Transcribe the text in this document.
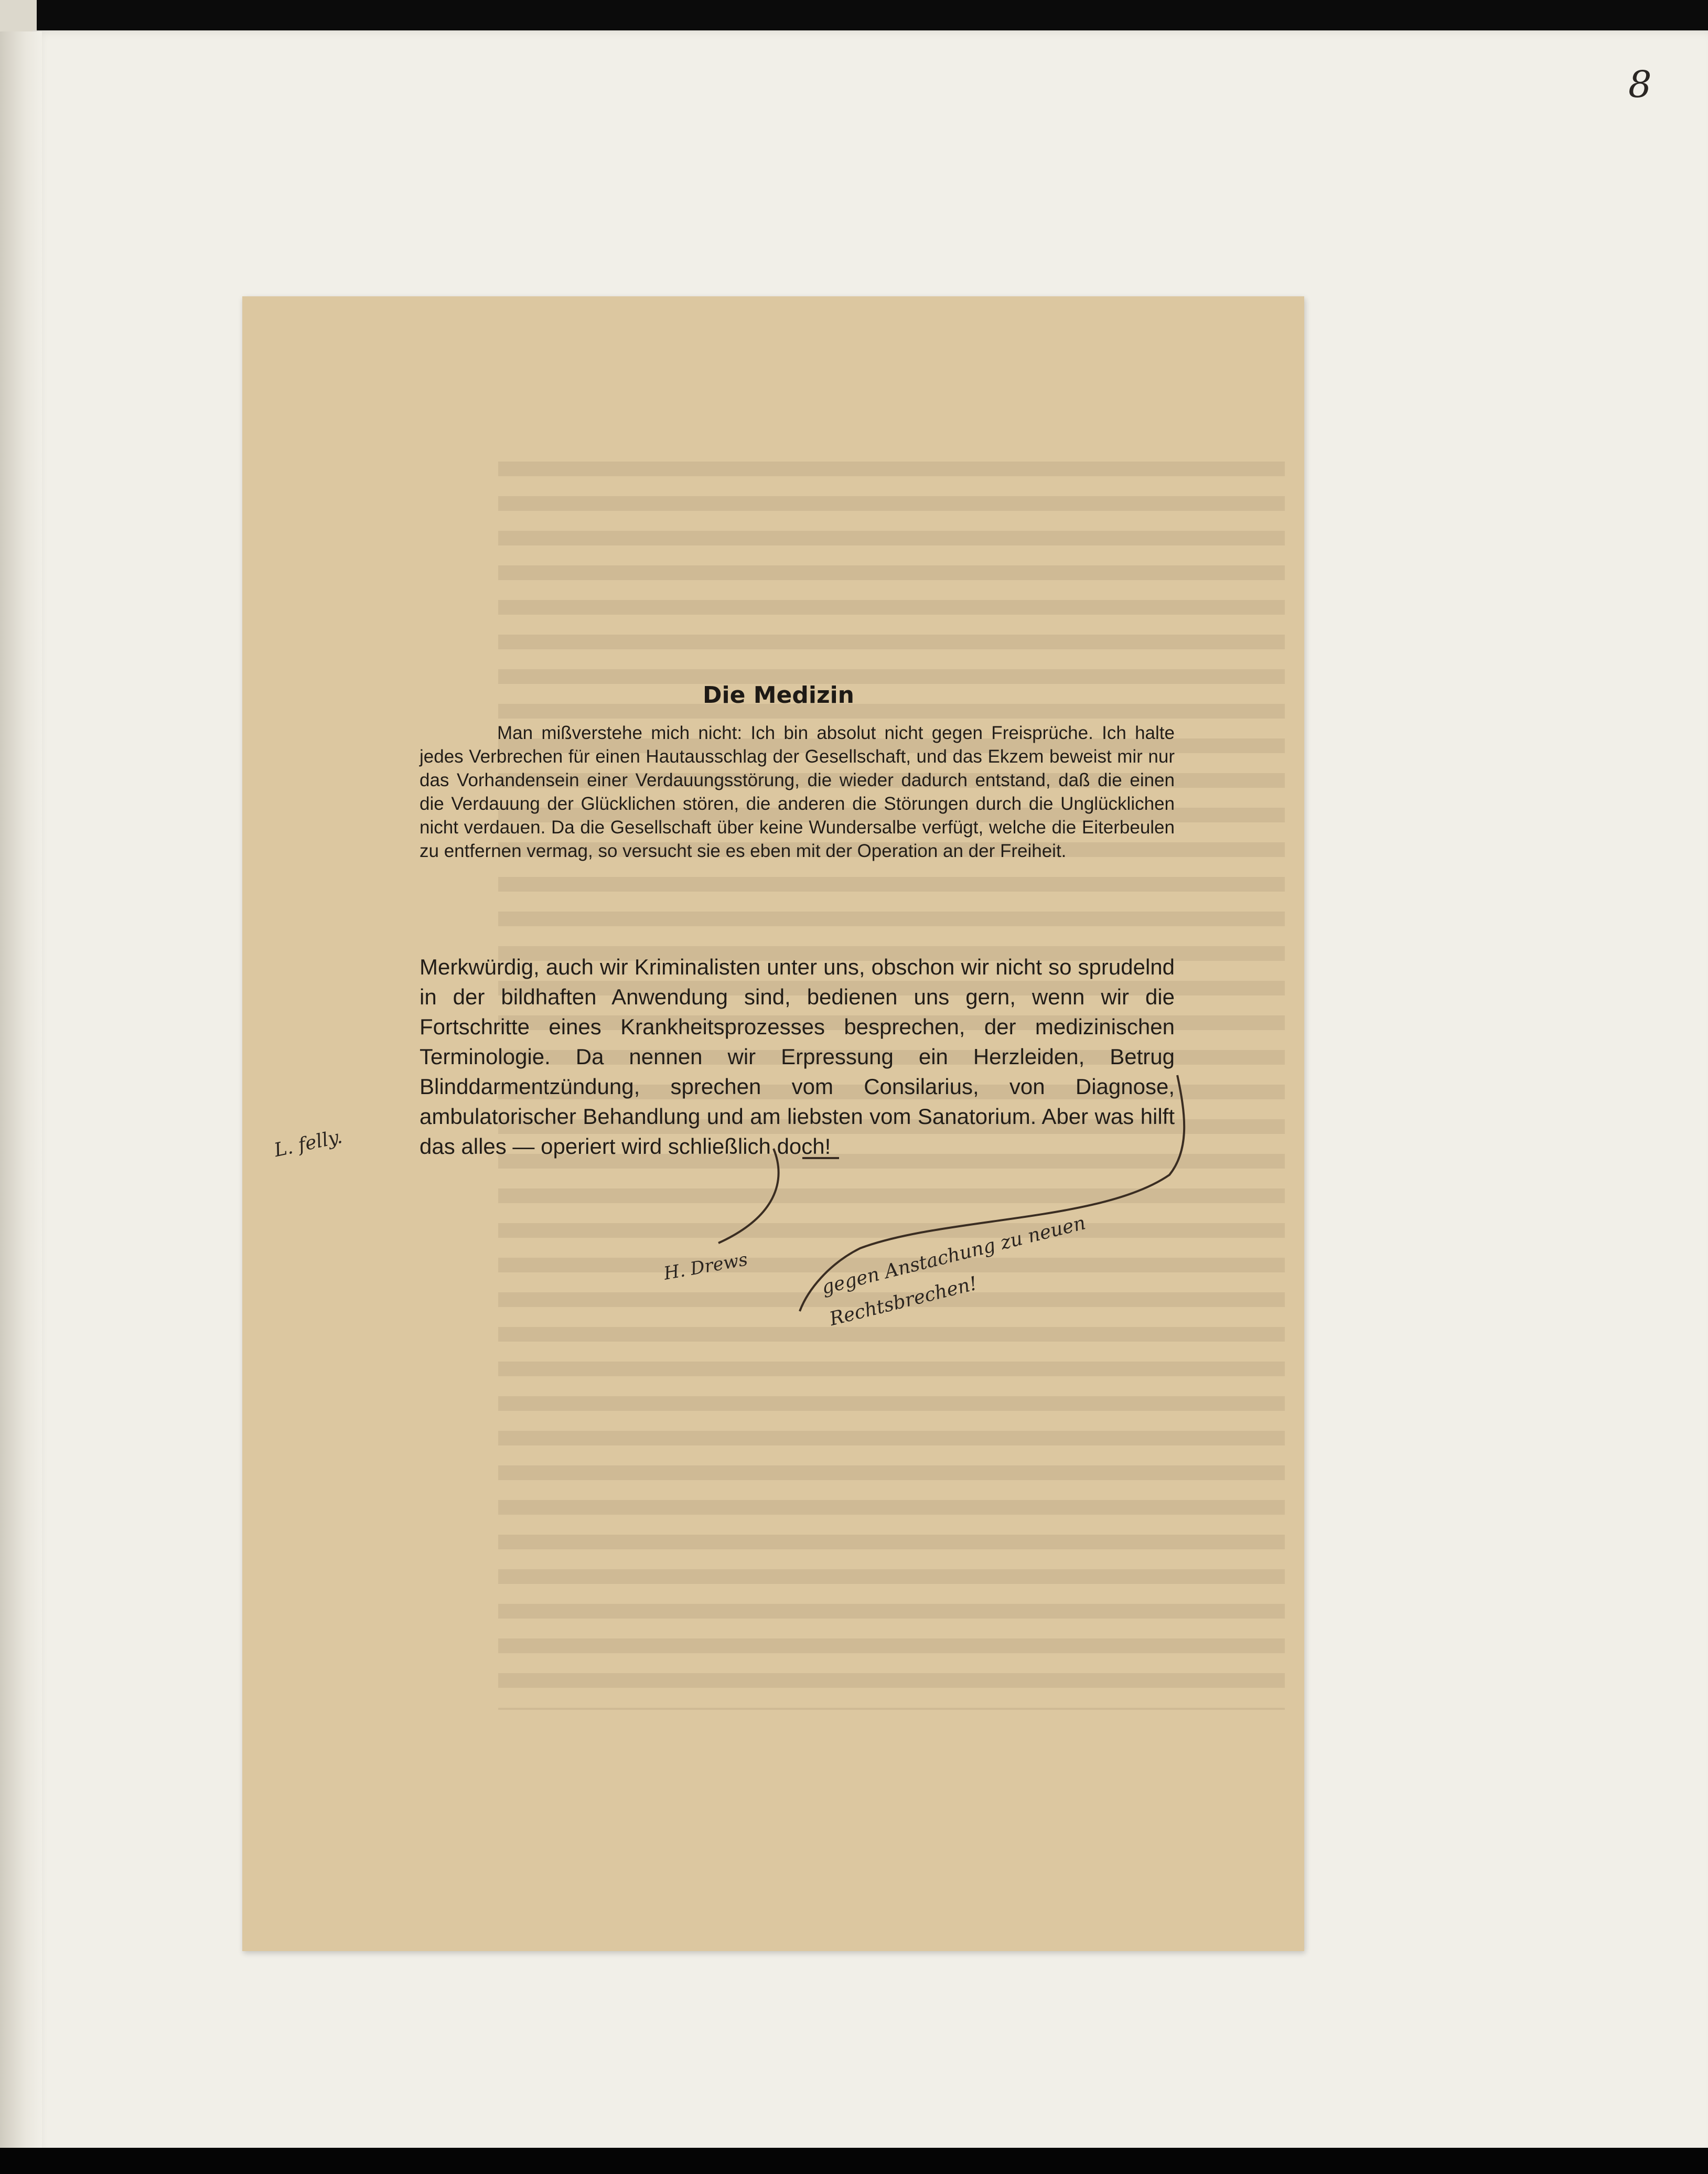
8
Die Medizin
Man mißverstehe mich nicht: Ich bin absolut nicht gegen Freisprüche. Ich halte jedes Verbrechen für einen Hautausschlag der Gesellschaft, und das Ekzem beweist mir nur das Vorhandensein einer Verdauungsstörung, die wieder dadurch entstand, daß die einen die Verdauung der Glücklichen stören, die anderen die Störungen durch die Unglücklichen nicht verdauen. Da die Gesellschaft über keine Wundersalbe verfügt, welche die Eiterbeulen zu entfernen vermag, so versucht sie es eben mit der Operation an der Freiheit.
Merkwürdig, auch wir Kriminalisten unter uns, obschon wir nicht so sprudelnd in der bildhaften Anwendung sind, bedienen uns gern, wenn wir die Fortschritte eines Krankheitsprozesses besprechen, der medizinischen Terminologie. Da nennen wir Erpressung ein Herzleiden, Betrug Blinddarmentzündung, sprechen vom Consilarius, von Diagnose, ambulatorischer Behandlung und am liebsten vom Sanatorium. Aber was hilft das alles — operiert wird schließlich doch!
L. felly.
H. Drews	gegen Anstachung zu neuen Rechtsbrechen!
